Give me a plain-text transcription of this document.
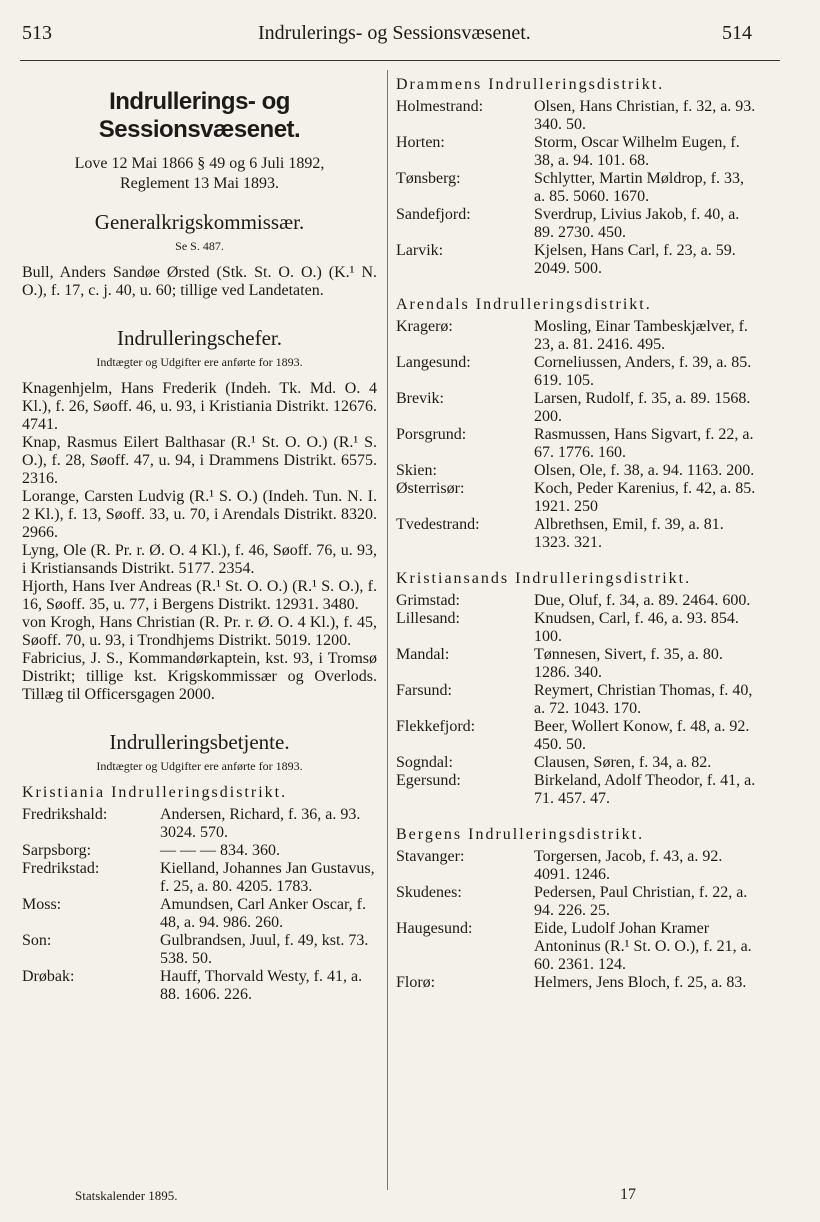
513	Indrulerings- og Sessionsvæsenet.	514
Indrullerings- og Sessionsvæsenet.
Love 12 Mai 1866 § 49 og 6 Juli 1892,
Reglement 13 Mai 1893.
Generalkrigskommissær.
Se S. 487.

Bull, Anders Sandøe Ørsted (Stk. St. O. O.) (K.¹ N. O.), f. 17, c. j. 40, u. 60; tillige ved Landetaten.

Indrulleringschefer.
Indtægter og Udgifter ere anførte for 1893.

Knagenhjelm, Hans Frederik (Indeh. Tk. Md. O. 4 Kl.), f. 26, Søoff. 46, u. 93, i Kristiania Distrikt. 12676. 4741.

Knap, Rasmus Eilert Balthasar (R.¹ St. O. O.) (R.¹ S. O.), f. 28, Søoff. 47, u. 94, i Drammens Distrikt. 6575. 2316.

Lorange, Carsten Ludvig (R.¹ S. O.) (Indeh. Tun. N. I. 2 Kl.), f. 13, Søoff. 33, u. 70, i Arendals Distrikt. 8320. 2966.

Lyng, Ole (R. Pr. r. Ø. O. 4 Kl.), f. 46, Søoff. 76, u. 93, i Kristiansands Distrikt. 5177. 2354.

Hjorth, Hans Iver Andreas (R.¹ St. O. O.) (R.¹ S. O.), f. 16, Søoff. 35, u. 77, i Bergens Distrikt. 12931. 3480.

von Krogh, Hans Christian (R. Pr. r. Ø. O. 4 Kl.), f. 45, Søoff. 70, u. 93, i Trondhjems Distrikt. 5019. 1200.

Fabricius, J. S., Kommandørkaptein, kst. 93, i Tromsø Distrikt; tillige kst. Krigskommissær og Overlods. Tillæg til Officersgagen 2000.

Indrulleringsbetjente.
Indtægter og Udgifter ere anførte for 1893.
Kristiania Indrulleringsdistrikt.
Fredrikshald:	Andersen, Richard, f. 36, a. 93. 3024. 570.
Sarpsborg:	— — — 834. 360.
Fredrikstad:	Kielland, Johannes Jan Gustavus, f. 25, a. 80. 4205. 1783.
Moss:	Amundsen, Carl Anker Oscar, f. 48, a. 94. 986. 260.
Son:	Gulbrandsen, Juul, f. 49, kst. 73. 538. 50.
Drøbak:	Hauff, Thorvald Westy, f. 41, a. 88. 1606. 226.
Drammens Indrulleringsdistrikt.
Holmestrand:	Olsen, Hans Christian, f. 32, a. 93. 340. 50.
Horten:	Storm, Oscar Wilhelm Eugen, f. 38, a. 94. 101. 68.
Tønsberg:	Schlytter, Martin Møldrop, f. 33, a. 85. 5060. 1670.
Sandefjord:	Sverdrup, Livius Jakob, f. 40, a. 89. 2730. 450.
Larvik:	Kjelsen, Hans Carl, f. 23, a. 59. 2049. 500.
Arendals Indrulleringsdistrikt.
Kragerø:	Mosling, Einar Tambeskjælver, f. 23, a. 81. 2416. 495.
Langesund:	Corneliussen, Anders, f. 39, a. 85. 619. 105.
Brevik:	Larsen, Rudolf, f. 35, a. 89. 1568. 200.
Porsgrund:	Rasmussen, Hans Sigvart, f. 22, a. 67. 1776. 160.
Skien:	Olsen, Ole, f. 38, a. 94. 1163. 200.
Østerrisør:	Koch, Peder Karenius, f. 42, a. 85. 1921. 250
Tvedestrand:	Albrethsen, Emil, f. 39, a. 81. 1323. 321.
Kristiansands Indrulleringsdistrikt.
Grimstad:	Due, Oluf, f. 34, a. 89. 2464. 600.
Lillesand:	Knudsen, Carl, f. 46, a. 93. 854. 100.
Mandal:	Tønnesen, Sivert, f. 35, a. 80. 1286. 340.
Farsund:	Reymert, Christian Thomas, f. 40, a. 72. 1043. 170.
Flekkefjord:	Beer, Wollert Konow, f. 48, a. 92. 450. 50.
Sogndal:	Clausen, Søren, f. 34, a. 82.
Egersund:	Birkeland, Adolf Theodor, f. 41, a. 71. 457. 47.
Bergens Indrulleringsdistrikt.
Stavanger:	Torgersen, Jacob, f. 43, a. 92. 4091. 1246.
Skudenes:	Pedersen, Paul Christian, f. 22, a. 94. 226. 25.
Haugesund:	Eide, Ludolf Johan Kramer Antoninus (R.¹ St. O. O.), f. 21, a. 60. 2361. 124.
Florø:	Helmers, Jens Bloch, f. 25, a. 83.
Statskalender 1895.	17
